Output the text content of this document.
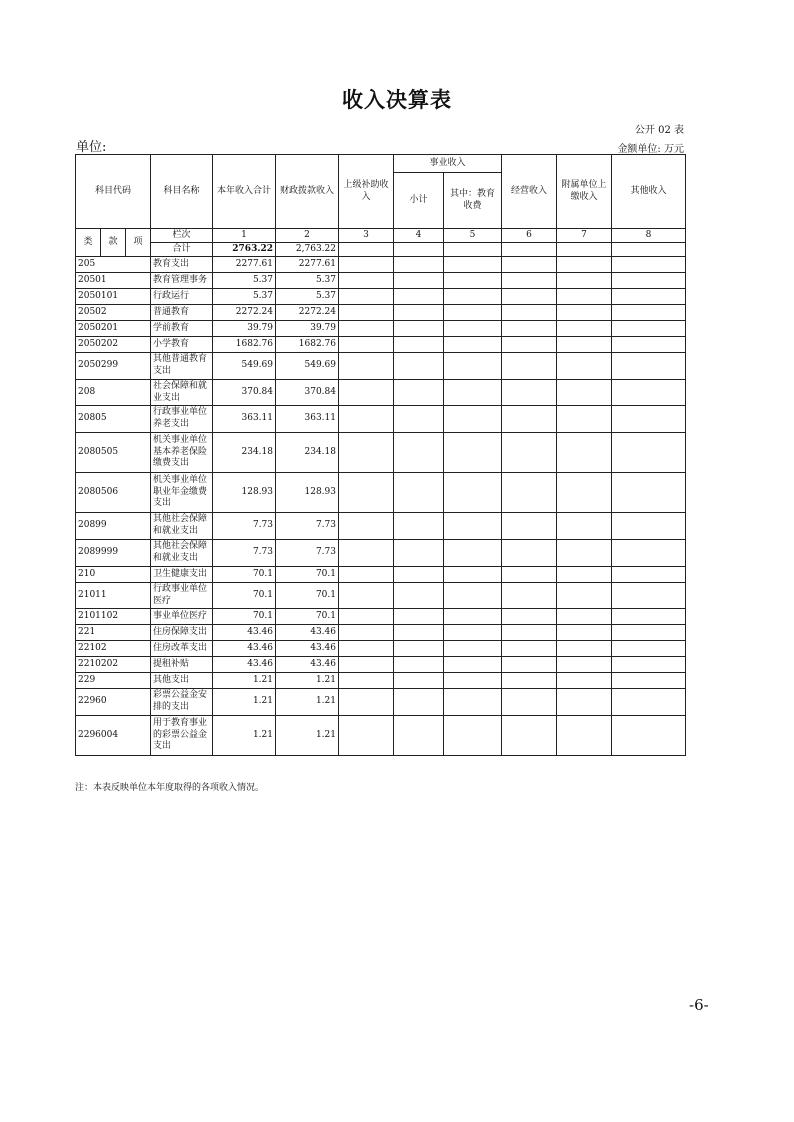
收入决算表
公开 02 表
单位:	金额单位: 万元
科目代码			科目名称	本年收入合计	财政拨款收入	上级补助收入	事业收入		经营收入	附属单位上缴收入	其他收入
							小计	其中：教育收费			
类	款	项	栏次	1	2	3	4	5	6	7	8
			合计	2763.22	2,763.22						
205			教育支出	2277.61	2277.61						
20501			教育管理事务	5.37	5.37						
2050101			行政运行	5.37	5.37						
20502			普通教育	2272.24	2272.24						
2050201			学前教育	39.79	39.79						
2050202			小学教育	1682.76	1682.76						
2050299			其他普通教育支出	549.69	549.69						
208			社会保障和就业支出	370.84	370.84						
20805			行政事业单位养老支出	363.11	363.11						
2080505			机关事业单位基本养老保险缴费支出	234.18	234.18						
2080506			机关事业单位职业年金缴费支出	128.93	128.93						
20899			其他社会保障和就业支出	7.73	7.73						
2089999			其他社会保障和就业支出	7.73	7.73						
210			卫生健康支出	70.1	70.1						
21011			行政事业单位医疗	70.1	70.1						
2101102			事业单位医疗	70.1	70.1						
221			住房保障支出	43.46	43.46						
22102			住房改革支出	43.46	43.46						
2210202			提租补贴	43.46	43.46						
229			其他支出	1.21	1.21						
22960			彩票公益金安排的支出	1.21	1.21						
2296004			用于教育事业的彩票公益金支出	1.21	1.21						
注：本表反映单位本年度取得的各项收入情况。
-6-
